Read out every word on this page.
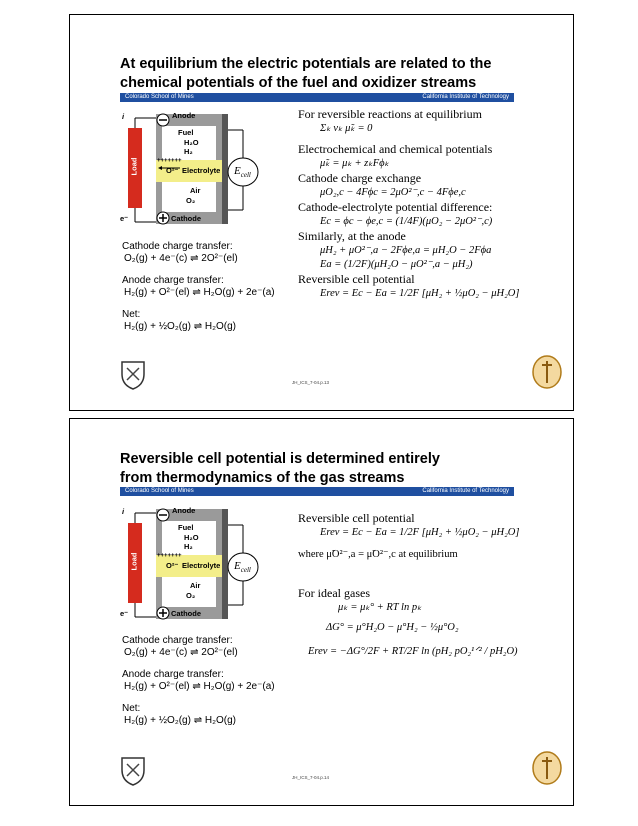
At equilibrium the electric potentials are related to the
chemical potentials of the fuel and oxidizer streams
Colorado School of Mines	California Institute of Technology
Anode
Fuel
H₂O
H₂
+++++++
O²⁻ Electrolyte
Air
O₂
Cathode
Load	$E_{cell}$
i
e⁻
Cathode charge transfer:
O₂(g) + 4e⁻(c) ⇌ 2O²⁻(el)
Anode charge transfer:
H₂(g) + O²⁻(el) ⇌ H₂O(g) + 2e⁻(a)
Net:
H₂(g) + ½O₂(g) ⇌ H₂O(g)
For reversible reactions at equilibrium
Σₖ νₖ μ̃ₖ = 0
Electrochemical and chemical potentials
μ̃ₖ = μₖ + zₖFϕₖ
Cathode charge exchange
μO₂,c − 4Fϕc = 2μO²⁻,c − 4Fϕe,c
Cathode-electrolyte potential difference:
Ec = ϕc − ϕe,c = (1/4F)(μO₂ − 2μO²⁻,c)
Similarly, at the anode
μH₂ + μO²⁻,a − 2Fϕe,a = μH₂O − 2Fϕa
Ea = (1/2F)(μH₂O − μO²⁻,a − μH₂)
Reversible cell potential
Erev = Ec − Ea = 1/2F [μH₂ + ½μO₂ − μH₂O]
JH_ICS_7-04.p.13
Reversible cell potential is determined entirely
from thermodynamics of the gas streams
Colorado School of Mines	California Institute of Technology
Anode
Fuel
H₂O
H₂
+++++++
O²⁻ Electrolyte
Air
O₂
Cathode
Load	$E_{cell}$
i
e⁻
Cathode charge transfer:
O₂(g) + 4e⁻(c) ⇌ 2O²⁻(el)
Anode charge transfer:
H₂(g) + O²⁻(el) ⇌ H₂O(g) + 2e⁻(a)
Net:
H₂(g) + ½O₂(g) ⇌ H₂O(g)
Reversible cell potential
Erev = Ec − Ea = 1/2F [μH₂ + ½μO₂ − μH₂O]
where μ̃O²⁻,a = μ̃O²⁻,c at equilibrium
For ideal gases
μₖ = μₖ° + RT ln pₖ
ΔG° = μ°H₂O − μ°H₂ − ½μ°O₂
Erev = −ΔG°/2F + RT/2F ln (pH₂ pO₂¹ᐟ² / pH₂O)
JH_ICS_7-04.p.14
